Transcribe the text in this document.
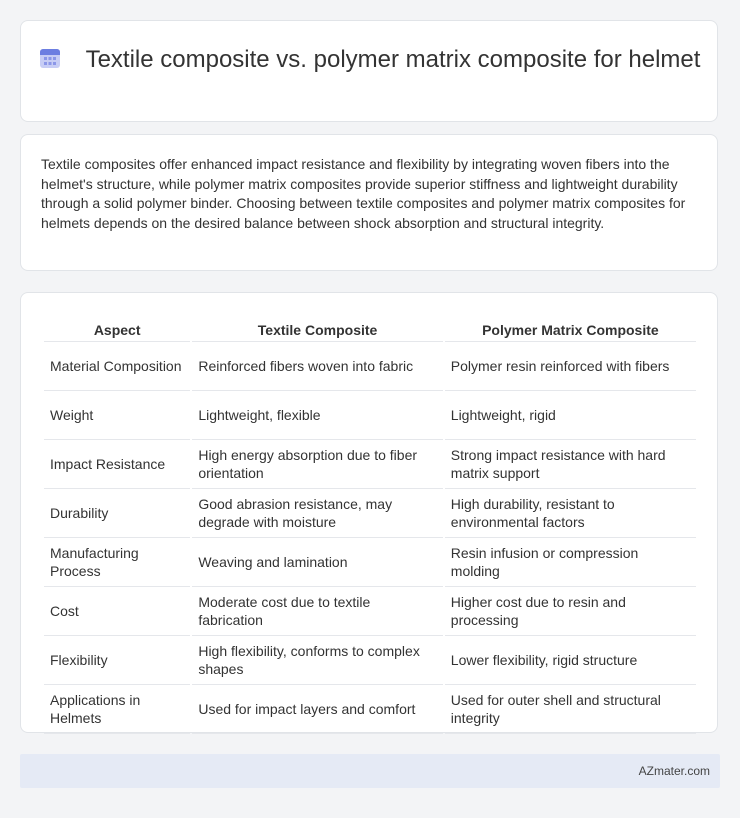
Textile composite vs. polymer matrix composite for helmet
Textile composites offer enhanced impact resistance and flexibility by integrating woven fibers into the helmet's structure, while polymer matrix composites provide superior stiffness and lightweight durability through a solid polymer binder. Choosing between textile composites and polymer matrix composites for helmets depends on the desired balance between shock absorption and structural integrity.
Aspect	Textile Composite	Polymer Matrix Composite
Material Composition	Reinforced fibers woven into fabric	Polymer resin reinforced with fibers
Weight	Lightweight, flexible	Lightweight, rigid
Impact Resistance	High energy absorption due to fiber orientation	Strong impact resistance with hard matrix support
Durability	Good abrasion resistance, may degrade with moisture	High durability, resistant to environmental factors
Manufacturing Process	Weaving and lamination	Resin infusion or compression molding
Cost	Moderate cost due to textile fabrication	Higher cost due to resin and processing
Flexibility	High flexibility, conforms to complex shapes	Lower flexibility, rigid structure
Applications in Helmets	Used for impact layers and comfort	Used for outer shell and structural integrity
AZmater.com
